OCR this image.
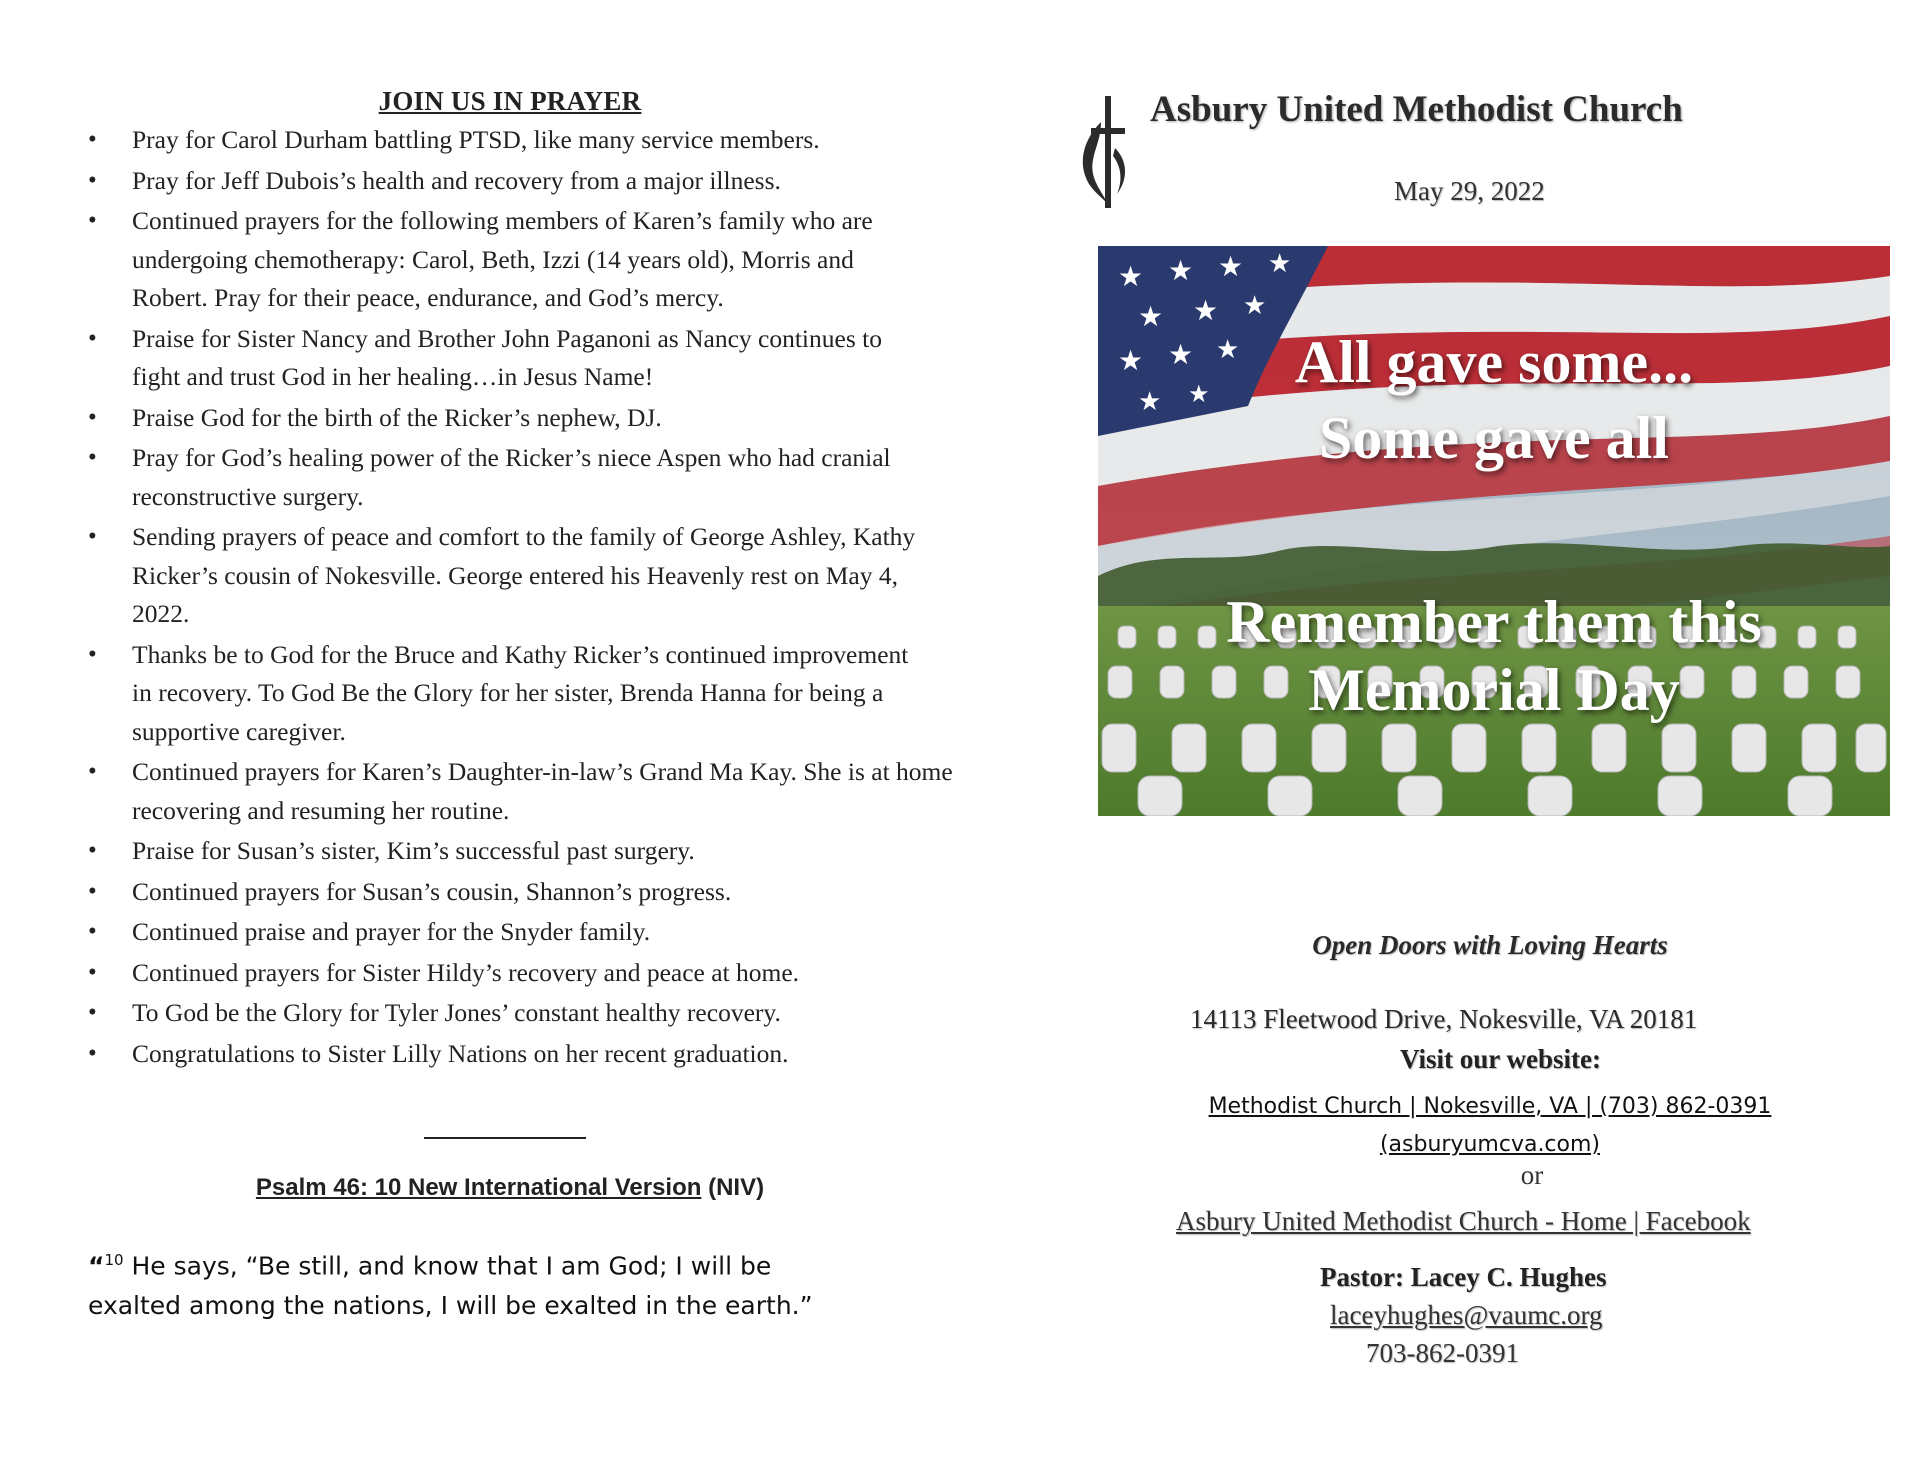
JOIN US IN PRAYER
• Pray for Carol Durham battling PTSD, like many service members.
• Pray for Jeff Dubois’s health and recovery from a major illness.
• Continued prayers for the following members of Karen’s family who are undergoing chemotherapy: Carol, Beth, Izzi (14 years old), Morris and Robert. Pray for their peace, endurance, and God’s mercy.
• Praise for Sister Nancy and Brother John Paganoni as Nancy continues to fight and trust God in her healing…in Jesus Name!
• Praise God for the birth of the Ricker’s nephew, DJ.
• Pray for God’s healing power of the Ricker’s niece Aspen who had cranial reconstructive surgery.
• Sending prayers of peace and comfort to the family of George Ashley, Kathy Ricker’s cousin of Nokesville. George entered his Heavenly rest on May 4, 2022.
• Thanks be to God for the Bruce and Kathy Ricker’s continued improvement in recovery. To God Be the Glory for her sister, Brenda Hanna for being a supportive caregiver.
• Continued prayers for Karen’s Daughter-in-law’s Grand Ma Kay. She is at home recovering and resuming her routine.
• Praise for Susan’s sister, Kim’s successful past surgery.
• Continued prayers for Susan’s cousin, Shannon’s progress.
• Continued praise and prayer for the Snyder family.
• Continued prayers for Sister Hildy’s recovery and peace at home.
• To God be the Glory for Tyler Jones’ constant healthy recovery.
• Congratulations to Sister Lilly Nations on her recent graduation.
Psalm 46: 10 New International Version (NIV)
“$^{10}$ He says, “Be still, and know that I am God; I will be exalted among the nations, I will be exalted in the earth.”
Asbury United Methodist Church
May 29, 2022
★ ★ ★ ★
★ ★ ★
★ ★ ★
★ ★	All gave some...
Some gave all
Remember them this
Memorial Day
Open Doors with Loving Hearts
14113 Fleetwood Drive, Nokesville, VA 20181
Visit our website:
Methodist Church | Nokesville, VA | (703) 862-0391
(asburyumcva.com)
or
Asbury United Methodist Church - Home | Facebook
Pastor: Lacey C. Hughes
laceyhughes@vaumc.org
703-862-0391
